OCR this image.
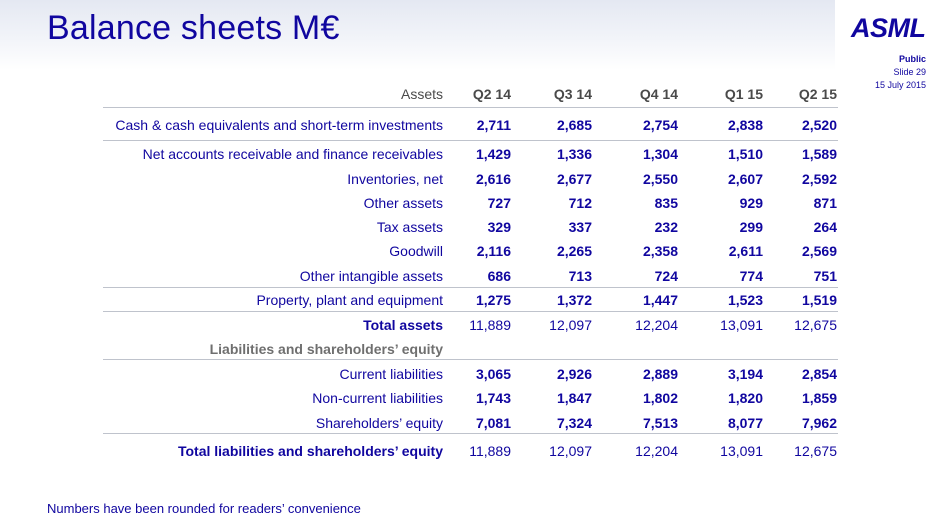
Balance sheets M€	ASML
Public
Slide 29
15 July 2015
Assets Q2 14	Q3 14	Q4 14	Q1 15	Q2 15
Cash & cash equivalents and short-term investments 2,711	2,685	2,754	2,838	2,520
Net accounts receivable and finance receivables 1,429	1,336	1,304	1,510	1,589
Inventories, net 2,616	2,677	2,550	2,607	2,592
Other assets	727	712	835	929	871
Tax assets	329	337	232	299	264
Goodwill 2,116	2,265	2,358	2,611	2,569
Other intangible assets	686	713	724	774	751
Property, plant and equipment 1,275	1,372	1,447	1,523	1,519
Total assets 11,889	12,097	12,204	13,091 12,675
Liabilities and shareholders’ equity
Current liabilities 3,065	2,926	2,889	3,194	2,854
Non-current liabilities 1,743	1,847	1,802	1,820	1,859
Shareholders’ equity 7,081	7,324	7,513	8,077	7,962
Total liabilities and shareholders’ equity 11,889	12,097	12,204	13,091 12,675
Numbers have been rounded for readers’ convenience
